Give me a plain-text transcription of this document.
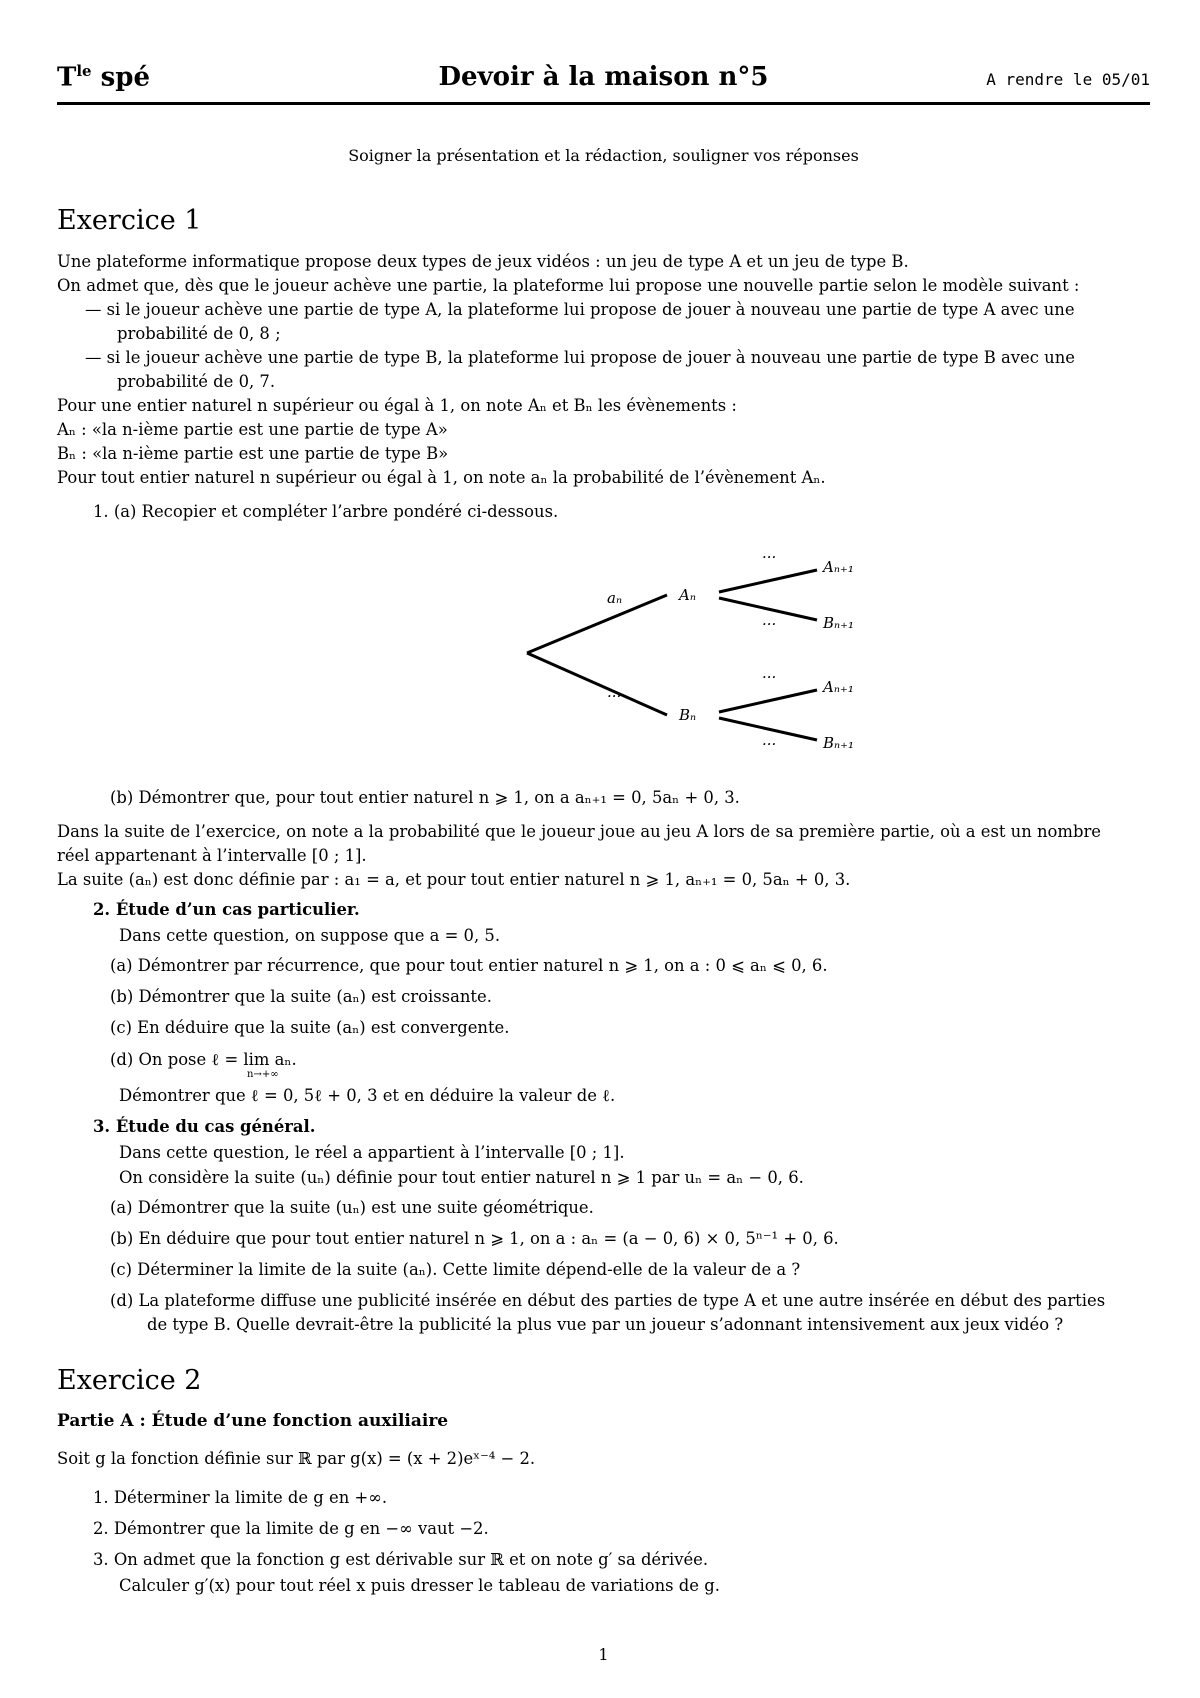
$T^{le}$ spé	Devoir à la maison n°5	A rendre le 05/01
Soigner la présentation et la rédaction, souligner vos réponses
Exercice 1
Une plateforme informatique propose deux types de jeux vidéos : un jeu de type A et un jeu de type B.
On admet que, dès que le joueur achève une partie, la plateforme lui propose une nouvelle partie selon le modèle suivant :
— si le joueur achève une partie de type A, la plateforme lui propose de jouer à nouveau une partie de type A avec une
probabilité de 0, 8 ;
— si le joueur achève une partie de type B, la plateforme lui propose de jouer à nouveau une partie de type B avec une
probabilité de 0, 7.
Pour une entier naturel n supérieur ou égal à 1, on note Aₙ et Bₙ les évènements :
Aₙ : «la n-ième partie est une partie de type A»
Bₙ : «la n-ième partie est une partie de type B»
Pour tout entier naturel n supérieur ou égal à 1, on note aₙ la probabilité de l’évènement Aₙ.
1. (a) Recopier et compléter l’arbre pondéré ci-dessous.
aₙ	Aₙ
Bₙ
···
···
···
···
···
Aₙ₊₁
Bₙ₊₁
Aₙ₊₁
Bₙ₊₁
(b) Démontrer que, pour tout entier naturel n ⩾ 1, on a aₙ₊₁ = 0, 5aₙ + 0, 3.
Dans la suite de l’exercice, on note a la probabilité que le joueur joue au jeu A lors de sa première partie, où a est un nombre
réel appartenant à l’intervalle [0 ; 1].
La suite (aₙ) est donc définie par : a₁ = a, et pour tout entier naturel n ⩾ 1, aₙ₊₁ = 0, 5aₙ + 0, 3.
2. Étude d’un cas particulier.
Dans cette question, on suppose que a = 0, 5.
(a) Démontrer par récurrence, que pour tout entier naturel n ⩾ 1, on a : 0 ⩽ aₙ ⩽ 0, 6.
(b) Démontrer que la suite (aₙ) est croissante.
(c) En déduire que la suite (aₙ) est convergente.
(d) On pose ℓ = lim aₙ.
n→+∞
Démontrer que ℓ = 0, 5ℓ + 0, 3 et en déduire la valeur de ℓ.
3. Étude du cas général.
Dans cette question, le réel a appartient à l’intervalle [0 ; 1].
On considère la suite (uₙ) définie pour tout entier naturel n ⩾ 1 par uₙ = aₙ − 0, 6.
(a) Démontrer que la suite (uₙ) est une suite géométrique.
(b) En déduire que pour tout entier naturel n ⩾ 1, on a : aₙ = (a − 0, 6) × 0, 5ⁿ⁻¹ + 0, 6.
(c) Déterminer la limite de la suite (aₙ). Cette limite dépend-elle de la valeur de a ?
(d) La plateforme diffuse une publicité insérée en début des parties de type A et une autre insérée en début des parties
de type B. Quelle devrait-être la publicité la plus vue par un joueur s’adonnant intensivement aux jeux vidéo ?
Exercice 2
Partie A : Étude d’une fonction auxiliaire
Soit g la fonction définie sur ℝ par g(x) = (x + 2)eˣ⁻⁴ − 2.
1. Déterminer la limite de g en +∞.
2. Démontrer que la limite de g en −∞ vaut −2.
3. On admet que la fonction g est dérivable sur ℝ et on note g′ sa dérivée.
Calculer g′(x) pour tout réel x puis dresser le tableau de variations de g.
1
